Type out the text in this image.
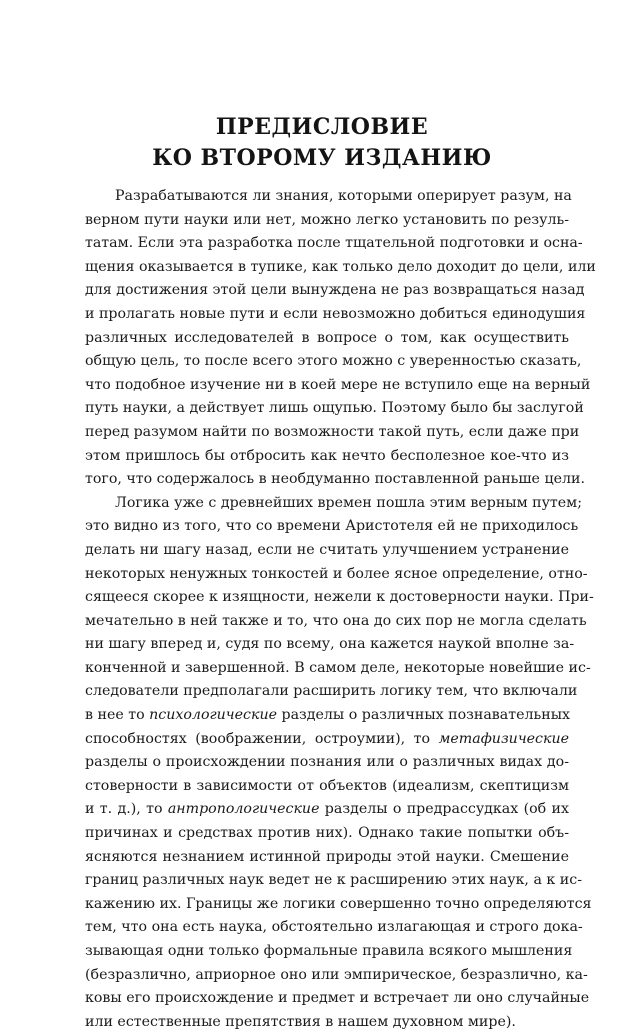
ПРЕДИСЛОВИЕ
КО ВТОРОМУ ИЗДАНИЮ
Разрабатываются ли знания, которыми оперирует разум, на
верном пути науки или нет, можно легко установить по резуль-
татам. Если эта разработка после тщательной подготовки и осна-
щения оказывается в тупике, как только дело доходит до цели, или
для достижения этой цели вынуждена не раз возвращаться назад
и пролагать новые пути и если невозможно добиться единодушия
различных исследователей в вопросе о том, как осуществить
общую цель, то после всего этого можно с уверенностью сказать,
что подобное изучение ни в коей мере не вступило еще на верный
путь науки, а действует лишь ощупью. Поэтому было бы заслугой
перед разумом найти по возможности такой путь, если даже при
этом пришлось бы отбросить как нечто бесполезное кое-что из
того, что содержалось в необдуманно поставленной раньше цели.
Логика уже с древнейших времен пошла этим верным путем;
это видно из того, что со времени Аристотеля ей не приходилось
делать ни шагу назад, если не считать улучшением устранение
некоторых ненужных тонкостей и более ясное определение, отно-
сящееся скорее к изящности, нежели к достоверности науки. При-
мечательно в ней также и то, что она до сих пор не могла сделать
ни шагу вперед и, судя по всему, она кажется наукой вполне за-
конченной и завершенной. В самом деле, некоторые новейшие ис-
следователи предполагали расширить логику тем, что включали
в нее то психологические разделы о различных познавательных
способностях (воображении, остроумии), то метафизические
разделы о происхождении познания или о различных видах до-
стоверности в зависимости от объектов (идеализм, скептицизм
и т. д.), то антропологические разделы о предрассудках (об их
причинах и средствах против них). Однако такие попытки объ-
ясняются незнанием истинной природы этой науки. Смешение
границ различных наук ведет не к расширению этих наук, а к ис-
кажению их. Границы же логики совершенно точно определяются
тем, что она есть наука, обстоятельно излагающая и строго дока-
зывающая одни только формальные правила всякого мышления
(безразлично, априорное оно или эмпирическое, безразлично, ка-
ковы его происхождение и предмет и встречает ли оно случайные
или естественные препятствия в нашем духовном мире).
